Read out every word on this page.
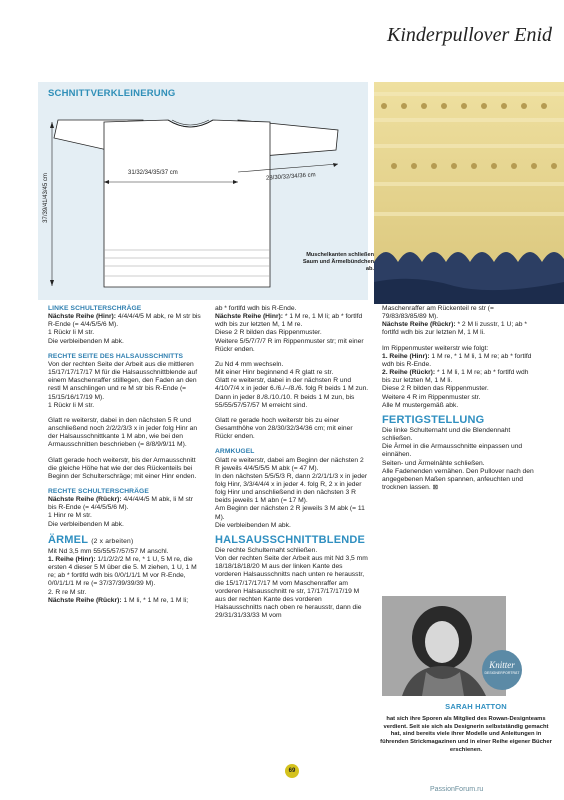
Kinderpullover Enid
SCHNITTVERKLEINERUNG
31/32/34/35/37 cm	28/30/32/34/36 cm
37/39/41/43/45 cm
Muschelkanten schließen Saum und Ärmelbündchen ab.

LINKE SCHULTERSCHRÄGE

Nächste Reihe (Hinr): 4/4/4/4/5 M abk, re M str bis R-Ende (= 4/4/5/5/6 M).

1 Rückr li M str.

Die verbleibenden M abk.

RECHTE SEITE DES HALSAUSSCHNITTS

Von der rechten Seite der Arbeit aus die mittleren 15/17/17/17/17 M für die Halsausschnittblende auf einem Maschenraffer stilllegen, den Faden an den restl M anschlingen und re M str bis R-Ende (= 15/15/16/17/19 M).

1 Rückr li M str.

Glatt re weiterstr, dabei in den nächsten 5 R und anschließend noch 2/2/2/3/3 x in jeder folg Hinr an der Halsausschnittkante 1 M abn, wie bei den Armausschnitten beschrieben (= 8/8/9/9/11 M).

Glatt gerade hoch weiterstr, bis der Armausschnitt die gleiche Höhe hat wie der des Rückenteils bei Beginn der Schulterschräge; mit einer Hinr enden.

RECHTE SCHULTERSCHRÄGE

Nächste Reihe (Rückr): 4/4/4/4/5 M abk, li M str bis R-Ende (= 4/4/5/5/6 M).

1 Hinr re M str.

Die verbleibenden M abk.

ÄRMEL (2 x arbeiten)

Mit Nd 3,5 mm 55/55/57/57/57 M anschl.

1. Reihe (Hinr): 1/1/2/2/2 M re, * 1 U, 5 M re, die ersten 4 dieser 5 M über die 5. M ziehen, 1 U, 1 M re; ab * fortlfd wdh bis 0/0/1/1/1 M vor R-Ende, 0/0/1/1/1 M re (= 37/37/39/39/39 M).

2. R re M str.

Nächste Reihe (Rückr): 1 M li, * 1 M re, 1 M li;

ab * fortlfd wdh bis R-Ende.

Nächste Reihe (Hinr): * 1 M re, 1 M li; ab * fortlfd wdh bis zur letzten M, 1 M re.

Diese 2 R bilden das Rippenmuster.

Weitere 5/5/7/7/7 R im Rippenmuster str; mit einer Rückr enden.

Zu Nd 4 mm wechseln.

Mit einer Hinr beginnend 4 R glatt re str.

Glatt re weiterstr, dabei in der nächsten R und 4/10/7/4 x in jeder 6./6./–/8./6. folg R beids 1 M zun. Dann in jeder 8./8./10./10. R beids 1 M zun, bis 55/55/57/57/57 M erreicht sind.

Glatt re gerade hoch weiterstr bis zu einer Gesamthöhe von 28/30/32/34/36 cm; mit einer Rückr enden.

ARMKUGEL

Glatt re weiterstr, dabei am Beginn der nächsten 2 R jeweils 4/4/5/5/5 M abk (= 47 M).

In den nächsten 5/5/5/3 R, dann 2/2/1/1/3 x in jeder folg Hinr, 3/3/4/4/4 x in jeder 4. folg R, 2 x in jeder folg Hinr und anschließend in den nächsten 3 R beids jeweils 1 M abn (= 17 M).

Am Beginn der nächsten 2 R jeweils 3 M abk (= 11 M).

Die verbleibenden M abk.

HALSAUSSCHNITTBLENDE

Die rechte Schulternaht schließen.

Von der rechten Seite der Arbeit aus mit Nd 3,5 mm 18/18/18/18/20 M aus der linken Kante des vorderen Halsausschnitts nach unten re herausstr, die 15/17/17/17/17 M vom Maschenraffer am vorderen Halsausschnitt re str, 17/17/17/17/19 M aus der rechten Kante des vorderen Halsausschnitts nach oben re herausstr, dann die 29/31/31/33/33 M vom

Maschenraffer am Rückenteil re str (= 79/83/83/85/89 M).

Nächste Reihe (Rückr): * 2 M li zusstr, 1 U; ab * fortlfd wdh bis zur letzten M, 1 M li.

Im Rippenmuster weiterstr wie folgt:

1. Reihe (Hinr): 1 M re, * 1 M li, 1 M re; ab * fortlfd wdh bis R-Ende.

2. Reihe (Rückr): * 1 M li, 1 M re; ab * fortlfd wdh bis zur letzten M, 1 M li.

Diese 2 R bilden das Rippenmuster.

Weitere 4 R im Rippenmuster str.

Alle M mustergemäß abk.

FERTIGSTELLUNG

Die linke Schulternaht und die Blendennaht schließen.

Die Ärmel in die Armausschnitte einpassen und einnähen.

Seiten- und Ärmelnähte schließen.

Alle Fadenenden vernähen. Den Pullover nach den angegebenen Maßen spannen, anfeuchten und trocknen lassen. ⊠

Knitter
DESIGNERPORTRÄT
SARAH HATTON
hat sich ihre Sporen als Mitglied des Rowan-Designteams verdient. Seit sie sich als Designerin selbstständig gemacht hat, sind bereits viele ihrer Modelle und Anleitungen in führenden Strickmagazinen und in einer Reihe eigener Bücher erschienen.
69
PassionForum.ru
